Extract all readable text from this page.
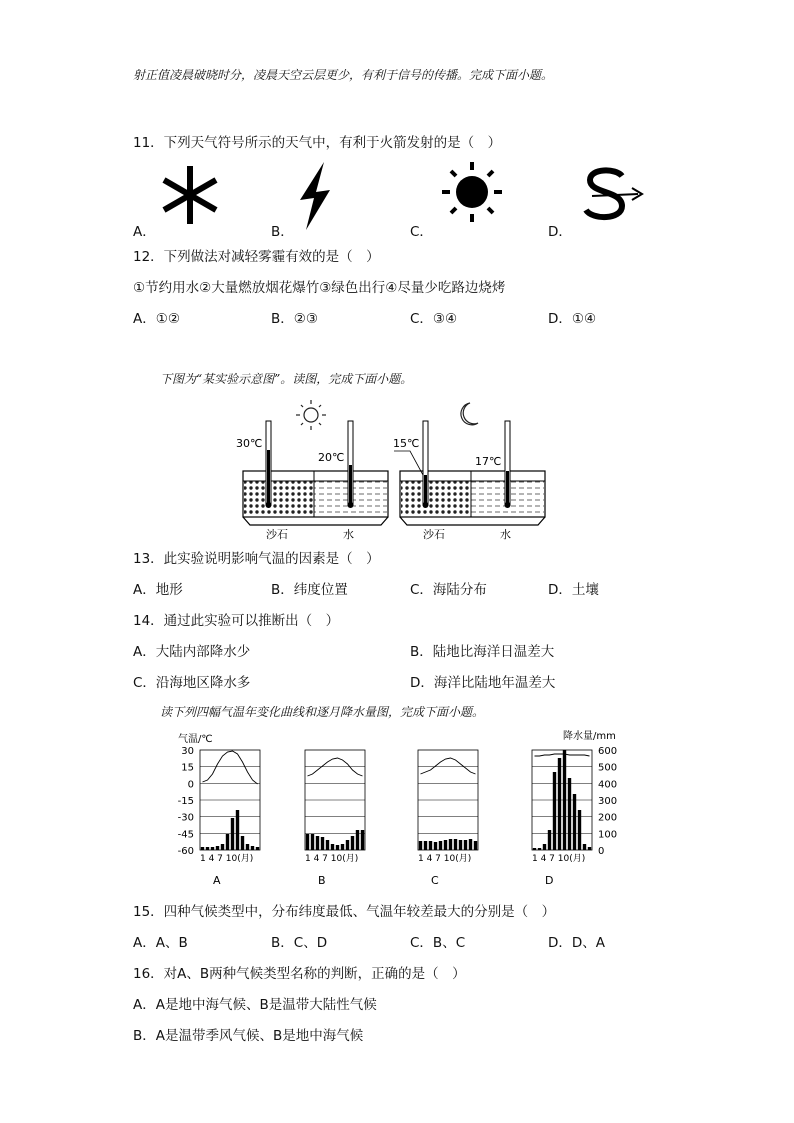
射正值凌晨破晓时分，凌晨天空云层更少，有利于信号的传播。完成下面小题。
11．下列天气符号所示的天气中，有利于火箭发射的是（　）
A．	B．	C．	D．
12．下列做法对减轻雾霾有效的是（　）
①节约用水②大量燃放烟花爆竹③绿色出行④尽量少吃路边烧烤
A．①②	B．②③	C．③④	D．①④
下图为“某实验示意图”。读图，完成下面小题。
30℃
20℃
15℃
17℃
沙石	水	沙石	水
13．此实验说明影响气温的因素是（　）
A．地形	B．纬度位置	C．海陆分布	D．土壤
14．通过此实验可以推断出（　）
A．大陆内部降水少	B．陆地比海洋日温差大
C．沿海地区降水多	D．海洋比陆地年温差大
读下列四幅气温年变化曲线和逐月降水量图，完成下面小题。
气温/℃	降水量/mm
30
15
0
-15
-30
-45
-60
600
500
400
300
200
100
0
1 4 7 10(月)
A
1 4 7 10(月)
B
1 4 7 10(月)
C
1 4 7 10(月)
D
15．四种气候类型中，分布纬度最低、气温年较差最大的分别是（　）
A．A、B	B．C、D	C．B、C	D．D、A
16．对A、B两种气候类型名称的判断，正确的是（　）
A．A是地中海气候、B是温带大陆性气候
B．A是温带季风气候、B是地中海气候
